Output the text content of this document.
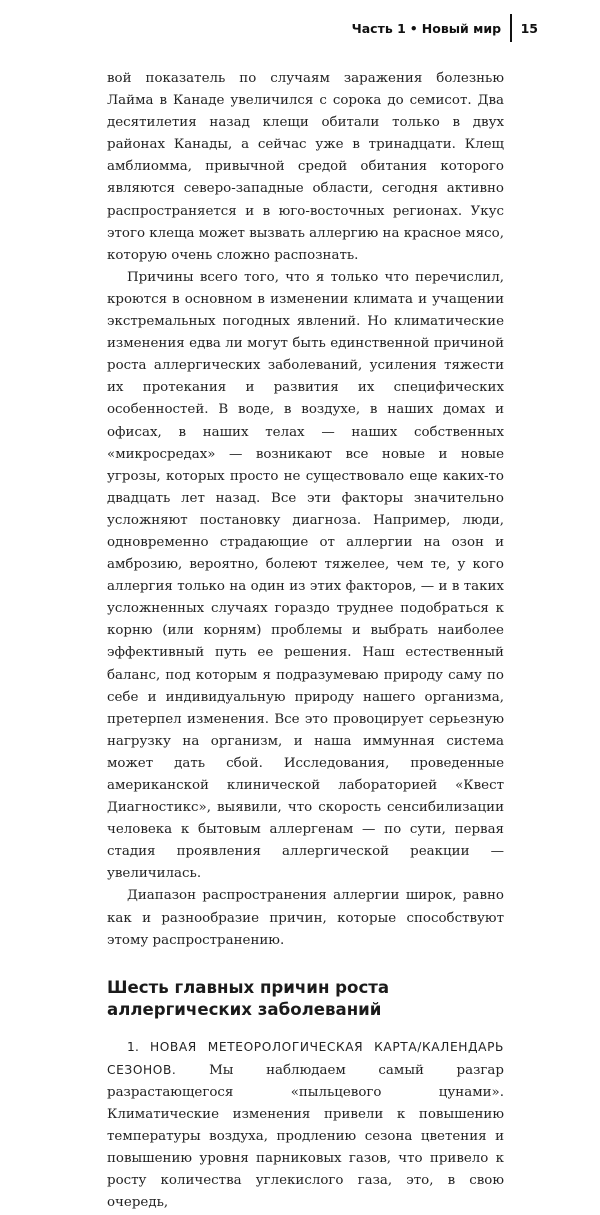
Часть 1 • Новый мир 15

вой показатель по случаям заражения болезнью Лайма в Канаде увеличился с сорока до семисот. Два десятилетия назад клещи обитали только в двух районах Канады, а сейчас уже в тринадцати. Клещ амблиомма, привычной средой обитания которого являются северо-западные области, сегодня активно распространяется и в юго-восточных регионах. Укус этого клеща может вызвать аллергию на красное мясо, которую очень сложно распознать.

Причины всего того, что я только что перечислил, кроются в основном в изменении климата и учащении экстремальных погодных явлений. Но климатические изменения едва ли могут быть единственной причиной роста аллергических заболеваний, усиления тяжести их протекания и развития их специфических особенностей. В воде, в воздухе, в наших домах и офисах, в наших телах — наших собственных «микросредах» — возникают все новые и новые угрозы, которых просто не существовало еще каких-то двадцать лет назад. Все эти факторы значительно усложняют постановку диагноза. Например, люди, одновременно страдающие от аллергии на озон и амброзию, вероятно, болеют тяжелее, чем те, у кого аллергия только на один из этих факторов, — и в таких усложненных случаях гораздо труднее подобраться к корню (или корням) проблемы и выбрать наиболее эффективный путь ее решения. Наш естественный баланс, под которым я подразумеваю природу саму по себе и индивидуальную природу нашего организма, претерпел изменения. Все это провоцирует серьезную нагрузку на организм, и наша иммунная система может дать сбой. Исследования, проведенные американской клинической лабораторией «Квест Диагностикс», выявили, что скорость сенсибилизации человека к бытовым аллергенам — по сути, первая стадия проявления аллергической реакции — увеличилась.

Диапазон распространения аллергии широк, равно как и разнообразие причин, которые способствуют этому распространению.

Шесть главных причин роста аллергических заболеваний

1. НОВАЯ МЕТЕОРОЛОГИЧЕСКАЯ КАРТА/КАЛЕНДАРЬ СЕЗОНОВ. Мы наблюдаем самый разгар разрастающегося «пыльцевого цунами». Климатические изменения привели к повышению температуры воздуха, продлению сезона цветения и повышению уровня парниковых газов, что привело к росту количества углекислого газа, это, в свою очередь,
